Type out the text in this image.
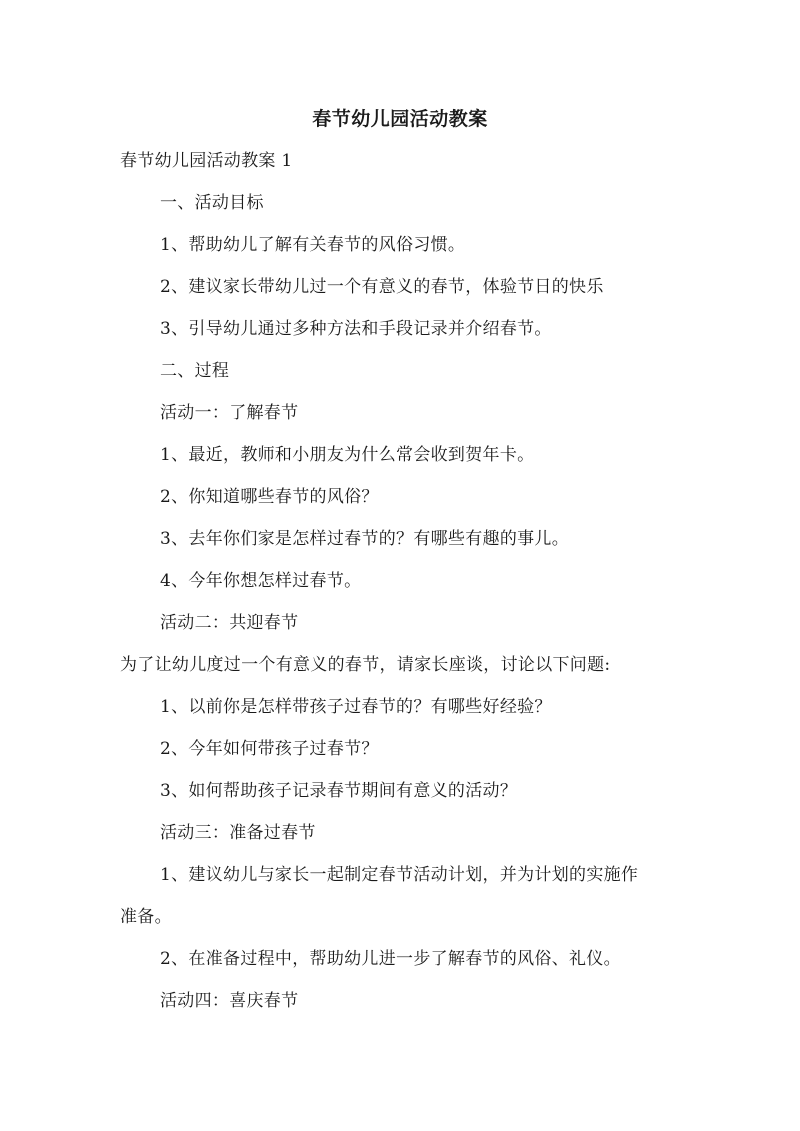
春节幼儿园活动教案
春节幼儿园活动教案 1
一、活动目标
1、帮助幼儿了解有关春节的风俗习惯。
2、建议家长带幼儿过一个有意义的春节，体验节日的快乐
3、引导幼儿通过多种方法和手段记录并介绍春节。
二、过程
活动一：了解春节
1、最近，教师和小朋友为什么常会收到贺年卡。
2、你知道哪些春节的风俗？
3、去年你们家是怎样过春节的？有哪些有趣的事儿。
4、今年你想怎样过春节。
活动二：共迎春节
为了让幼儿度过一个有意义的春节，请家长座谈，讨论以下问题:
1、以前你是怎样带孩子过春节的？有哪些好经验？
2、今年如何带孩子过春节？
3、如何帮助孩子记录春节期间有意义的活动？
活动三：准备过春节
1、建议幼儿与家长一起制定春节活动计划，并为计划的实施作
准备。
2、在准备过程中，帮助幼儿进一步了解春节的风俗、礼仪。
活动四：喜庆春节
